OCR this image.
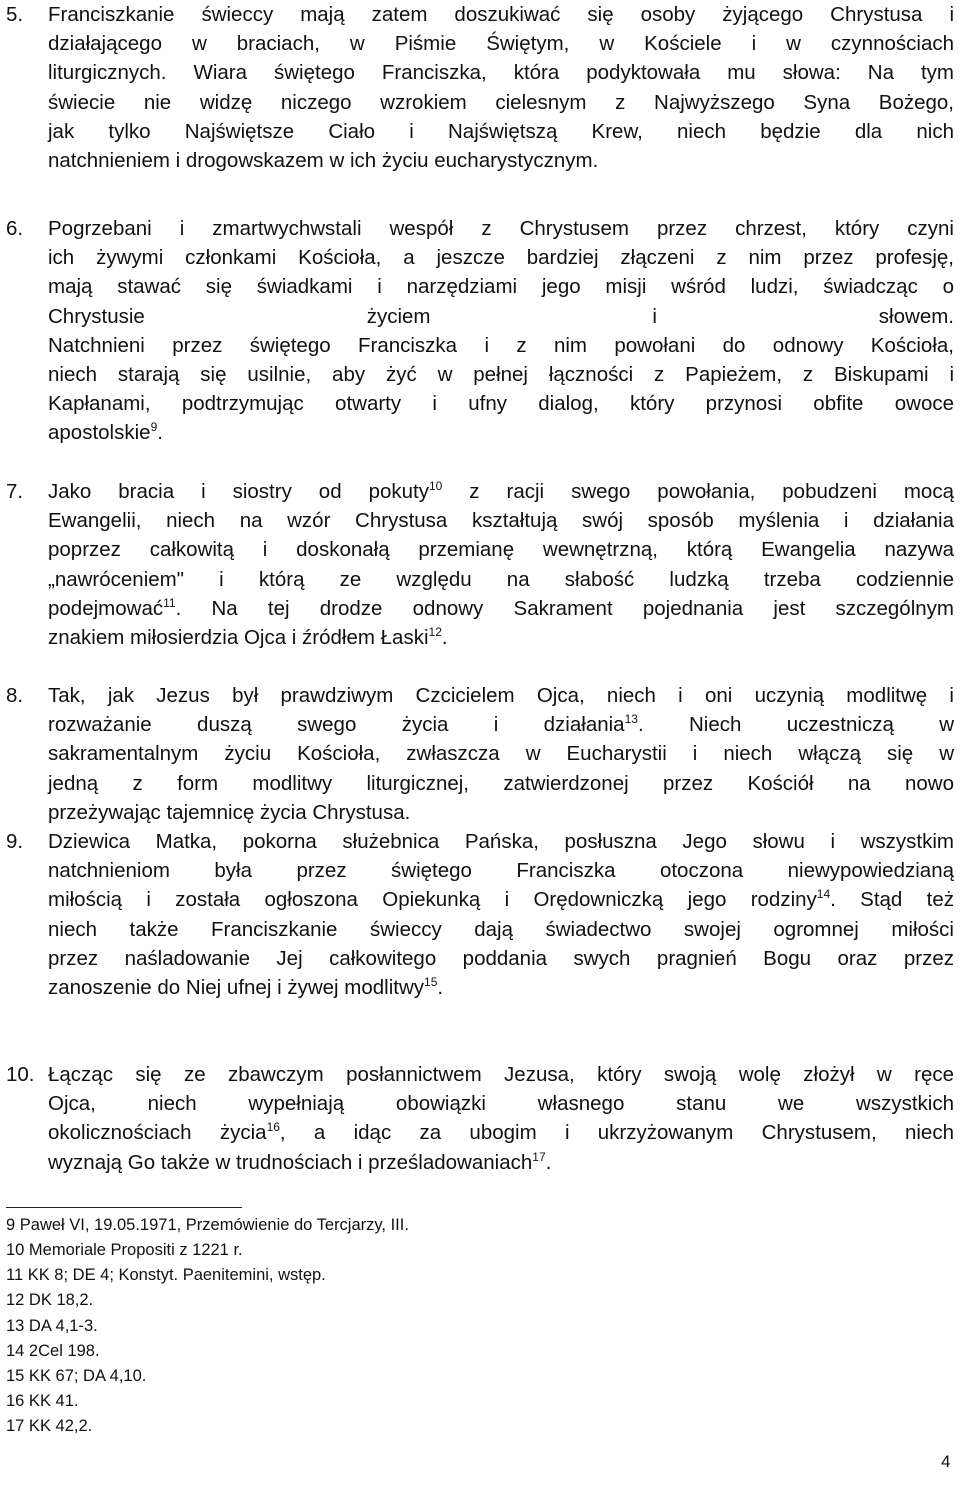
5. Franciszkanie świeccy mają zatem doszukiwać się osoby żyjącego Chrystusa i
działającego w braciach, w Piśmie Świętym, w Kościele i w czynnościach
liturgicznych. Wiara świętego Franciszka, która podyktowała mu słowa: Na tym
świecie nie widzę niczego wzrokiem cielesnym z Najwyższego Syna Bożego,
jak tylko Najświętsze Ciało i Najświętszą Krew, niech będzie dla nich
natchnieniem i drogowskazem w ich życiu eucharystycznym.
6. Pogrzebani i zmartwychwstali wespół z Chrystusem przez chrzest, który czyni
ich żywymi członkami Kościoła, a jeszcze bardziej złączeni z nim przez profesję,
mają stawać się świadkami i narzędziami jego misji wśród ludzi, świadcząc o
Chrystusie życiem i słowem.
Natchnieni przez świętego Franciszka i z nim powołani do odnowy Kościoła,
niech starają się usilnie, aby żyć w pełnej łączności z Papieżem, z Biskupami i
Kapłanami, podtrzymując otwarty i ufny dialog, który przynosi obfite owoce
apostolskie$^9$.
7. Jako bracia i siostry od pokuty$^{10}$ z racji swego powołania, pobudzeni mocą
Ewangelii, niech na wzór Chrystusa kształtują swój sposób myślenia i działania
poprzez całkowitą i doskonałą przemianę wewnętrzną, którą Ewangelia nazywa
„nawróceniem" i którą ze względu na słabość ludzką trzeba codziennie
podejmować$^{11}$. Na tej drodze odnowy Sakrament pojednania jest szczególnym
znakiem miłosierdzia Ojca i źródłem Łaski$^{12}$.
8. Tak, jak Jezus był prawdziwym Czcicielem Ojca, niech i oni uczynią modlitwę i
rozważanie duszą swego życia i działania$^{13}$. Niech uczestniczą w
sakramentalnym życiu Kościoła, zwłaszcza w Eucharystii i niech włączą się w
jedną z form modlitwy liturgicznej, zatwierdzonej przez Kościół na nowo
przeżywając tajemnicę życia Chrystusa.
9. Dziewica Matka, pokorna służebnica Pańska, posłuszna Jego słowu i wszystkim
natchnieniom była przez świętego Franciszka otoczona niewypowiedzianą
miłością i została ogłoszona Opiekunką i Orędowniczką jego rodziny$^{14}$. Stąd też
niech także Franciszkanie świeccy dają świadectwo swojej ogromnej miłości
przez naśladowanie Jej całkowitego poddania swych pragnień Bogu oraz przez
zanoszenie do Niej ufnej i żywej modlitwy$^{15}$.
10. Łącząc się ze zbawczym posłannictwem Jezusa, który swoją wolę złożył w ręce
Ojca, niech wypełniają obowiązki własnego stanu we wszystkich
okolicznościach życia$^{16}$, a idąc za ubogim i ukrzyżowanym Chrystusem, niech
wyznają Go także w trudnościach i prześladowaniach$^{17}$.
9 Paweł VI, 19.05.1971, Przemówienie do Tercjarzy, III.
10 Memoriale Propositi z 1221 r.
11 KK 8; DE 4; Konstyt. Paenitemini, wstęp.
12 DK 18,2.
13 DA 4,1-3.
14 2Cel 198.
15 KK 67; DA 4,10.
16 KK 41.
17 KK 42,2.
4
